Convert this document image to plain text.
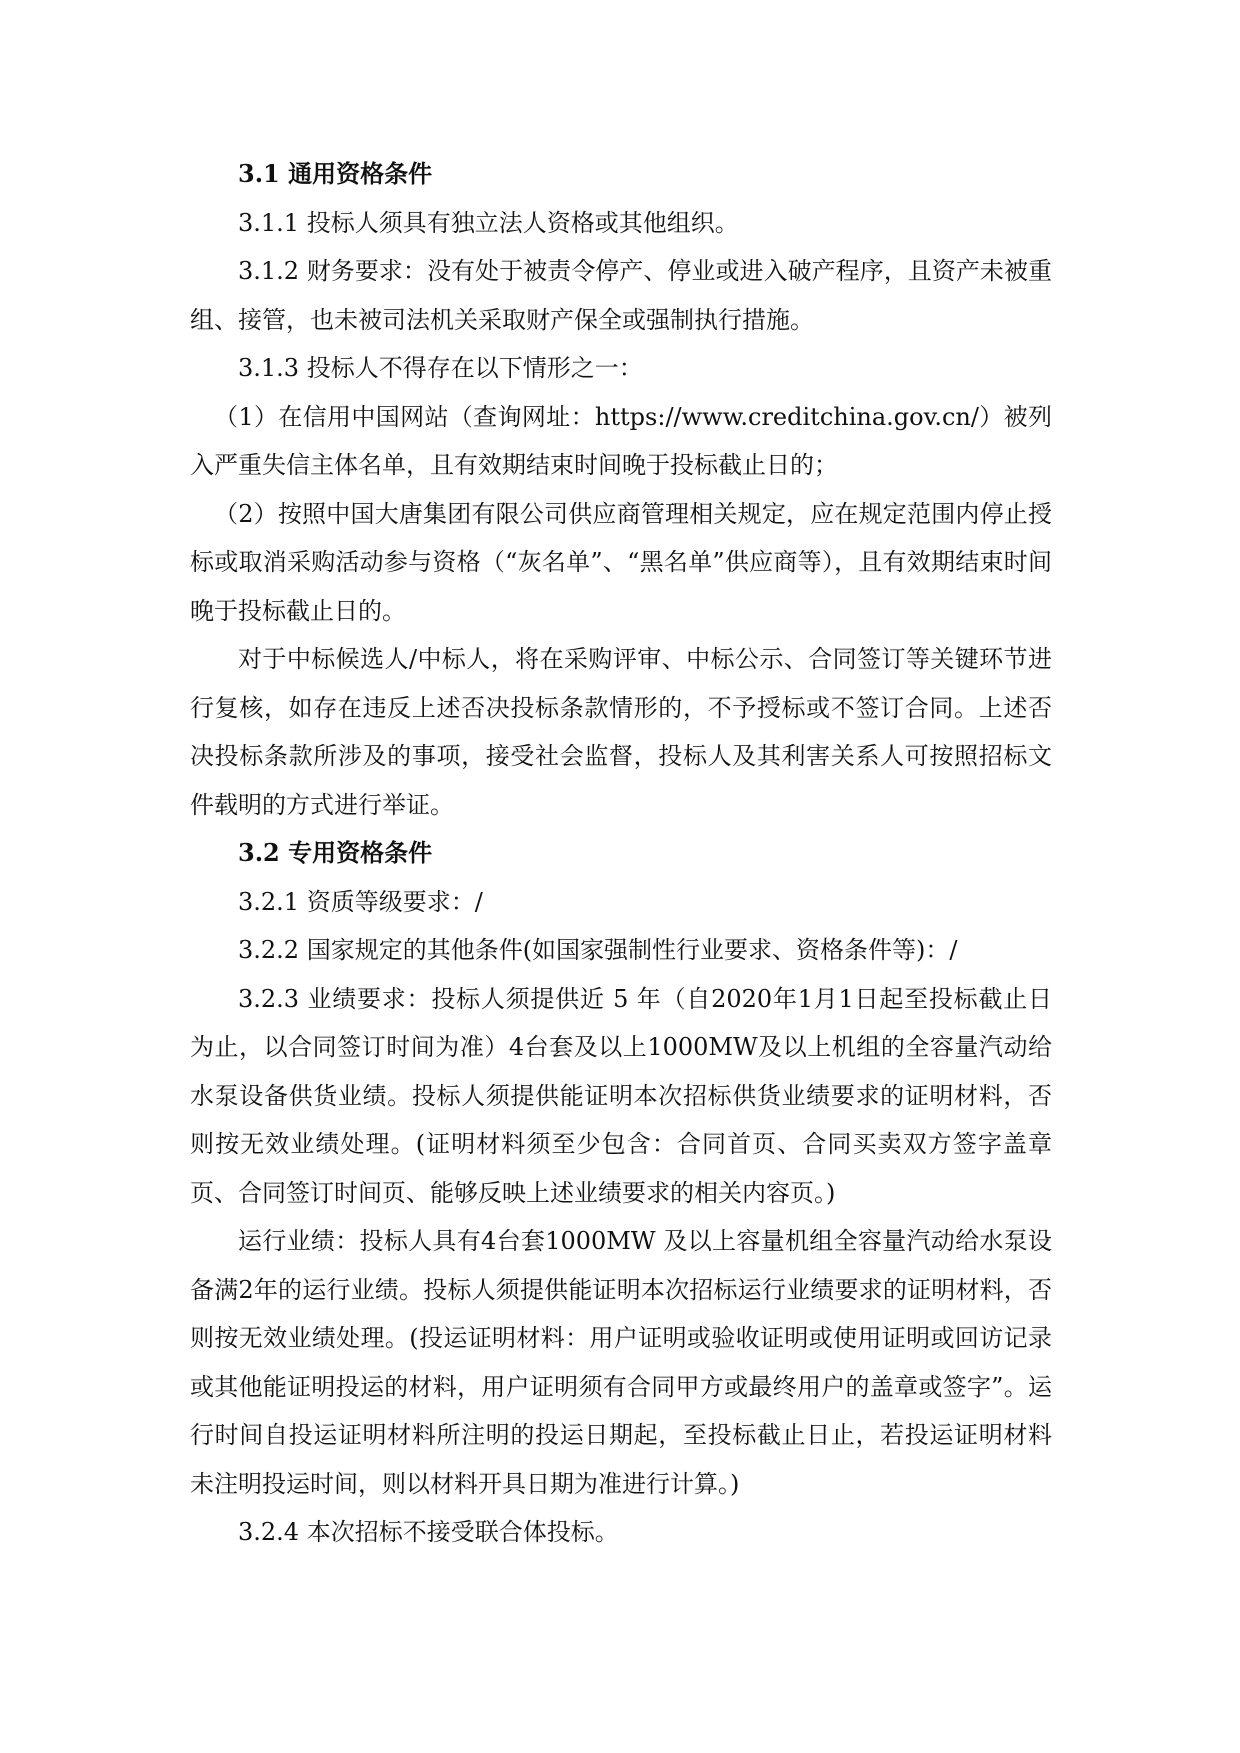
3.1 通用资格条件

3.1.1 投标人须具有独立法人资格或其他组织。

3.1.2 财务要求：没有处于被责令停产、停业或进入破产程序，且资产未被重组、接管，也未被司法机关采取财产保全或强制执行措施。

3.1.3 投标人不得存在以下情形之一：

（1）在信用中国网站（查询网址：https://www.creditchina.gov.cn/）被列入严重失信主体名单，且有效期结束时间晚于投标截止日的；

（2）按照中国大唐集团有限公司供应商管理相关规定，应在规定范围内停止授标或取消采购活动参与资格（“灰名单”、“黑名单”供应商等），且有效期结束时间晚于投标截止日的。

对于中标候选人/中标人，将在采购评审、中标公示、合同签订等关键环节进行复核，如存在违反上述否决投标条款情形的，不予授标或不签订合同。上述否决投标条款所涉及的事项，接受社会监督，投标人及其利害关系人可按照招标文件载明的方式进行举证。

3.2 专用资格条件

3.2.1 资质等级要求：/

3.2.2 国家规定的其他条件(如国家强制性行业要求、资格条件等)：/

3.2.3 业绩要求：投标人须提供近 5 年（自2020年1月1日起至投标截止日为止，以合同签订时间为准）4台套及以上1000MW及以上机组的全容量汽动给水泵设备供货业绩。投标人须提供能证明本次招标供货业绩要求的证明材料，否则按无效业绩处理。(证明材料须至少包含：合同首页、合同买卖双方签字盖章页、合同签订时间页、能够反映上述业绩要求的相关内容页。)

运行业绩：投标人具有4台套1000MW 及以上容量机组全容量汽动给水泵设备满2年的运行业绩。投标人须提供能证明本次招标运行业绩要求的证明材料，否则按无效业绩处理。(投运证明材料：用户证明或验收证明或使用证明或回访记录或其他能证明投运的材料，用户证明须有合同甲方或最终用户的盖章或签字”。运行时间自投运证明材料所注明的投运日期起，至投标截止日止，若投运证明材料未注明投运时间，则以材料开具日期为准进行计算。)

3.2.4 本次招标不接受联合体投标。
